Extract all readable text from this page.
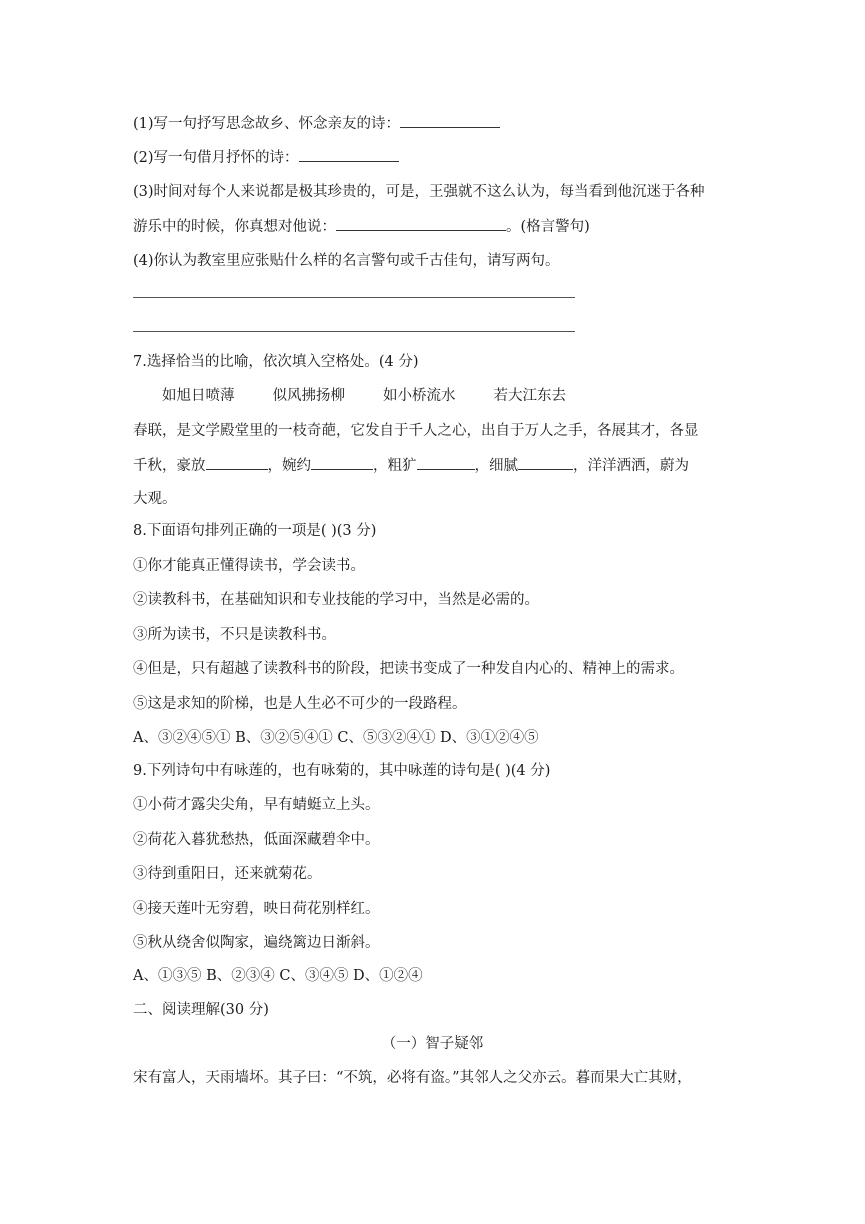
(1)写一句抒写思念故乡、怀念亲友的诗：
(2)写一句借月抒怀的诗：
(3)时间对每个人来说都是极其珍贵的，可是，王强就不这么认为，每当看到他沉迷于各种
游乐中的时候，你真想对他说：	。(格言警句)
(4)你认为教室里应张贴什么样的名言警句或千古佳句，请写两句。
7.选择恰当的比喻，依次填入空格处。(4 分)
如旭日喷薄	似风拂扬柳	如小桥流水	若大江东去
春联，是文学殿堂里的一枝奇葩，它发自于千人之心，出自于万人之手，各展其才，各显
千秋，豪放	，婉约	，粗犷	，细腻	，洋洋洒洒，蔚为
大观。
8.下面语句排列正确的一项是( )(3 分)
①你才能真正懂得读书，学会读书。
②读教科书，在基础知识和专业技能的学习中，当然是必需的。
③所为读书，不只是读教科书。
④但是，只有超越了读教科书的阶段，把读书变成了一种发自内心的、精神上的需求。
⑤这是求知的阶梯，也是人生必不可少的一段路程。
A、③②④⑤① B、③②⑤④① C、⑤③②④① D、③①②④⑤
9.下列诗句中有咏莲的，也有咏菊的，其中咏莲的诗句是( )(4 分)
①小荷才露尖尖角，早有蜻蜓立上头。
②荷花入暮犹愁热，低面深藏碧伞中。
③待到重阳日，还来就菊花。
④接天莲叶无穷碧，映日荷花别样红。
⑤秋从绕舍似陶家，遍绕篱边日渐斜。
A、①③⑤ B、②③④ C、③④⑤ D、①②④
二、阅读理解(30 分)
（一）智子疑邻
宋有富人，天雨墙坏。其子曰：“不筑，必将有盗。”其邻人之父亦云。暮而果大亡其财，
